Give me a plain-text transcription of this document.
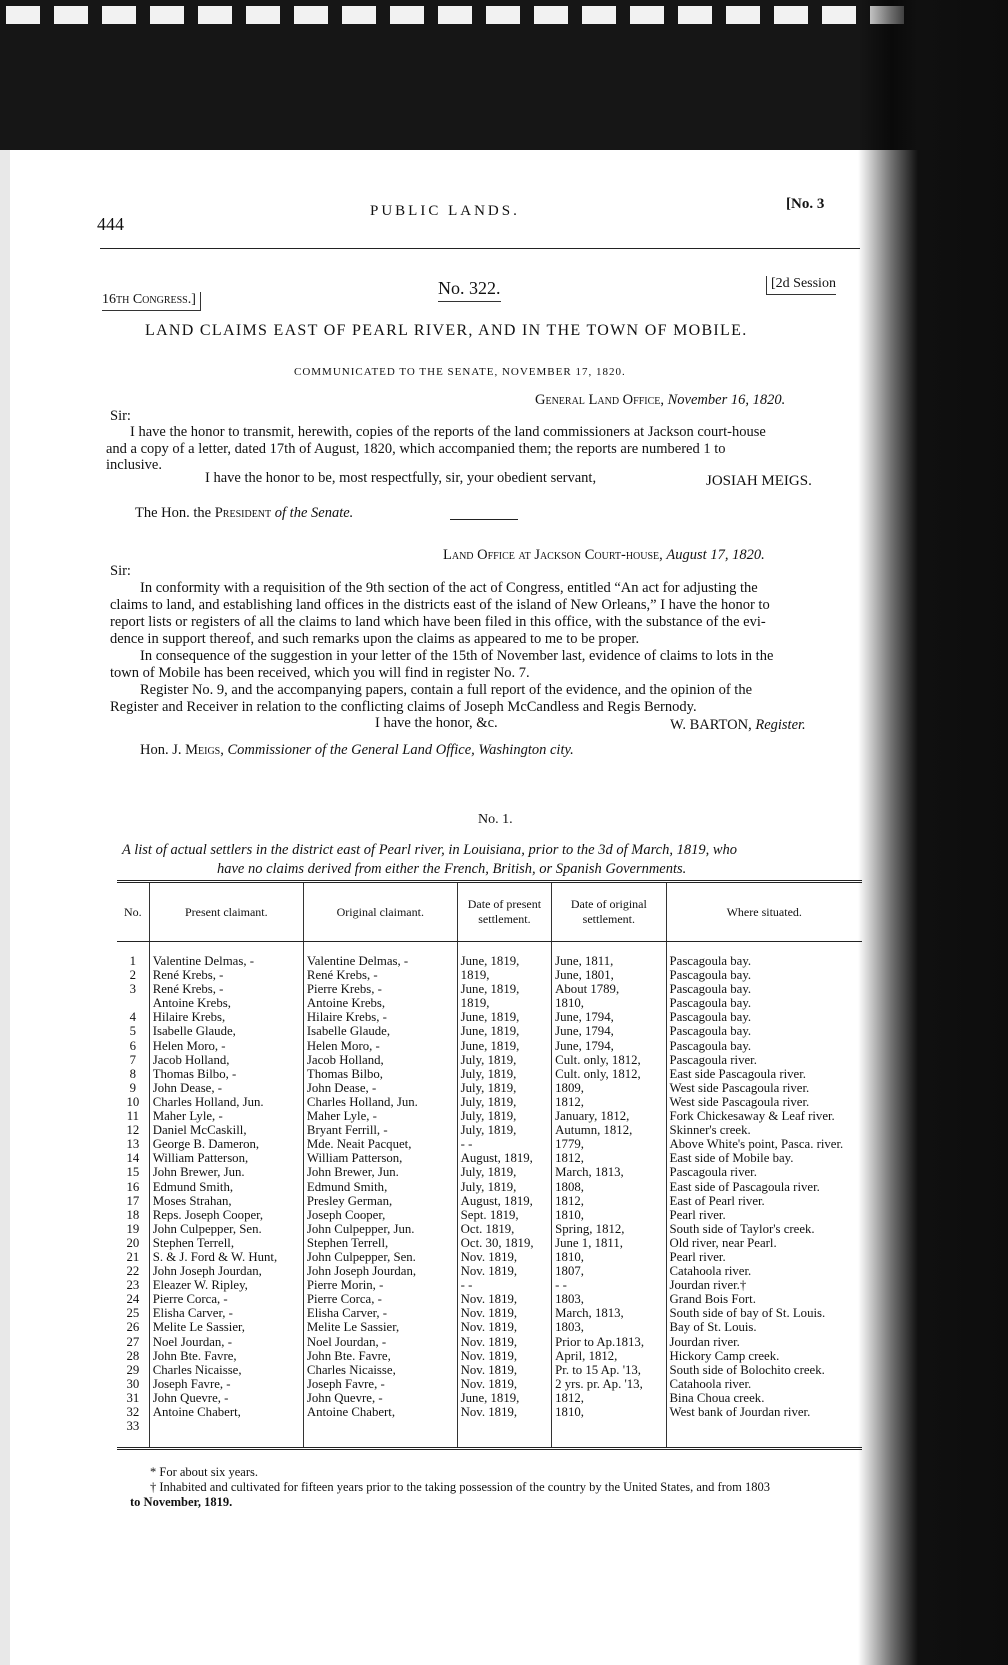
444
PUBLIC LANDS.	[No. 3
16th Congress.]
No. 322.	[2d Session
LAND CLAIMS EAST OF PEARL RIVER, AND IN THE TOWN OF MOBILE.
COMMUNICATED TO THE SENATE, NOVEMBER 17, 1820.
General Land Office, November 16, 1820.
Sir:
I have the honor to transmit, herewith, copies of the reports of the land commissioners at Jackson court-house
and a copy of a letter, dated 17th of August, 1820, which accompanied them; the reports are numbered 1 to
inclusive.
I have the honor to be, most respectfully, sir, your obedient servant,	JOSIAH MEIGS.
The Hon. the President of the Senate.
Land Office at Jackson Court-house, August 17, 1820.
Sir:
In conformity with a requisition of the 9th section of the act of Congress, entitled “An act for adjusting the
claims to land, and establishing land offices in the districts east of the island of New Orleans,” I have the honor to
report lists or registers of all the claims to land which have been filed in this office, with the substance of the evi-
dence in support thereof, and such remarks upon the claims as appeared to me to be proper.
In consequence of the suggestion in your letter of the 15th of November last, evidence of claims to lots in the
town of Mobile has been received, which you will find in register No. 7.
Register No. 9, and the accompanying papers, contain a full report of the evidence, and the opinion of the
Register and Receiver in relation to the conflicting claims of Joseph McCandless and Regis Bernody.
I have the honor, &c.	W. BARTON, Register.
Hon. J. Meigs, Commissioner of the General Land Office, Washington city.
No. 1.
A list of actual settlers in the district east of Pearl river, in Louisiana, prior to the 3d of March, 1819, who
have no claims derived from either the French, British, or Spanish Governments.
No.	Present claimant.	Original claimant.	Date of present settlement.	Date of original settlement.	Where situated.
1	Valentine Delmas, -	Valentine Delmas, -	June, 1819,	June, 1811,	Pascagoula bay.
2	René Krebs, -	René Krebs, -	1819,	June, 1801,	Pascagoula bay.
3	René Krebs, -	Pierre Krebs, -	June, 1819,	About 1789,	Pascagoula bay.
	Antoine Krebs,	Antoine Krebs,	1819,	1810,	Pascagoula bay.
4	Hilaire Krebs,	Hilaire Krebs, -	June, 1819,	June, 1794,	Pascagoula bay.
5	Isabelle Glaude,	Isabelle Glaude,	June, 1819,	June, 1794,	Pascagoula bay.
6	Helen Moro, -	Helen Moro, -	June, 1819,	June, 1794,	Pascagoula bay.
7	Jacob Holland,	Jacob Holland,	July, 1819,	Cult. only, 1812,	Pascagoula river.
8	Thomas Bilbo, -	Thomas Bilbo,	July, 1819,	Cult. only, 1812,	East side Pascagoula river.
9	John Dease, -	John Dease, -	July, 1819,	1809,	West side Pascagoula river.
10	Charles Holland, Jun.	Charles Holland, Jun.	July, 1819,	1812,	West side Pascagoula river.
11	Maher Lyle, -	Maher Lyle, -	July, 1819,	January, 1812,	Fork Chickesaway & Leaf river.
12	Daniel McCaskill,	Bryant Ferrill, -	July, 1819,	Autumn, 1812,	Skinner's creek.
13	George B. Dameron,	Mde. Neait Pacquet,	- -	1779,	Above White's point, Pasca. river.
14	William Patterson,	William Patterson,	August, 1819,	1812,	East side of Mobile bay.
15	John Brewer, Jun.	John Brewer, Jun.	July, 1819,	March, 1813,	Pascagoula river.
16	Edmund Smith,	Edmund Smith,	July, 1819,	1808,	East side of Pascagoula river.
17	Moses Strahan,	Presley German,	August, 1819,	1812,	East of Pearl river.
18	Reps. Joseph Cooper,	Joseph Cooper,	Sept. 1819,	1810,	Pearl river.
19	John Culpepper, Sen.	John Culpepper, Jun.	Oct. 1819,	Spring, 1812,	South side of Taylor's creek.
20	Stephen Terrell,	Stephen Terrell,	Oct. 30, 1819,	June 1, 1811,	Old river, near Pearl.
21	S. & J. Ford & W. Hunt,	John Culpepper, Sen.	Nov. 1819,	1810,	Pearl river.
22	John Joseph Jourdan,	John Joseph Jourdan,	Nov. 1819,	1807,	Catahoola river.
23	Eleazer W. Ripley,	Pierre Morin, -	- -	- -	Jourdan river.†
24	Pierre Corca, -	Pierre Corca, -	Nov. 1819,	1803,	Grand Bois Fort.
25	Elisha Carver, -	Elisha Carver, -	Nov. 1819,	March, 1813,	South side of bay of St. Louis.
26	Melite Le Sassier,	Melite Le Sassier,	Nov. 1819,	1803,	Bay of St. Louis.
27	Noel Jourdan, -	Noel Jourdan, -	Nov. 1819,	Prior to Ap.1813,	Jourdan river.
28	John Bte. Favre,	John Bte. Favre,	Nov. 1819,	April, 1812,	Hickory Camp creek.
29	Charles Nicaisse,	Charles Nicaisse,	Nov. 1819,	Pr. to 15 Ap. '13,	South side of Bolochito creek.
30	Joseph Favre, -	Joseph Favre, -	Nov. 1819,	2 yrs. pr. Ap. '13,	Catahoola river.
31	John Quevre, -	John Quevre, -	June, 1819,	1812,	Bina Choua creek.
32	Antoine Chabert,	Antoine Chabert,	Nov. 1819,	1810,	West bank of Jourdan river.
33					
* For about six years.
† Inhabited and cultivated for fifteen years prior to the taking possession of the country by the United States, and from 1803
to November, 1819.
